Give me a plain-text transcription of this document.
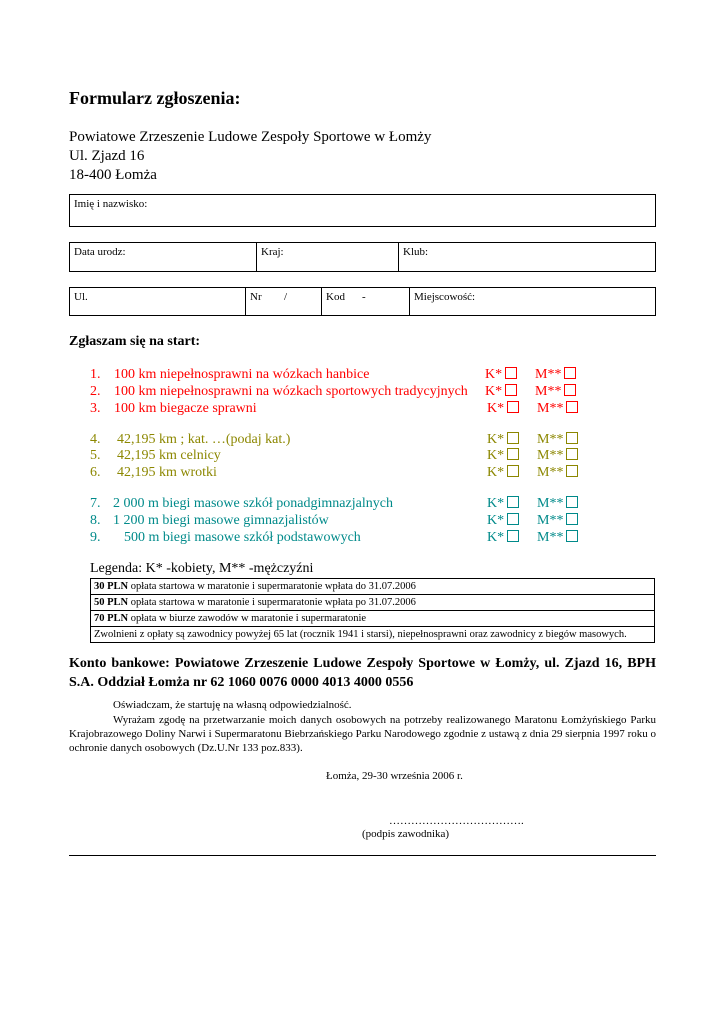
Formularz zgłoszenia:
Powiatowe Zrzeszenie Ludowe Zespoły Sportowe w Łomży
Ul. Zjazd 16
18-400 Łomża
Imię i nazwisko:
Data urodz:	Kraj:	Klub:
Ul.	Nr /	Kod -	Miejscowość:
Zgłaszam się na start:
1. 100 km niepełnosprawni na wózkach hanbice	K*	M**
2. 100 km niepełnosprawni na wózkach sportowych tradycyjnych K*	M**
3. 100 km biegacze sprawni	K*	M**
4. 42,195 km ; kat. …(podaj kat.)	K*	M**
5. 42,195 km celnicy	K*	M**
6. 42,195 km wrotki	K*	M**
7. 2 000 m biegi masowe szkół ponadgimnazjalnych	K*	M**
8. 1 200 m biegi masowe gimnazjalistów	K*	M**
9. 500 m biegi masowe szkół podstawowych	K*	M**
Legenda: K* -kobiety, M** -mężczyźni
30 PLN opłata startowa w maratonie i supermaratonie wpłata do 31.07.2006
50 PLN opłata startowa w maratonie i supermaratonie wpłata po 31.07.2006
70 PLN opłata w biurze zawodów w maratonie i supermaratonie
Zwolnieni z opłaty są zawodnicy powyżej 65 lat (rocznik 1941 i starsi), niepełnosprawni oraz zawodnicy z biegów masowych.
Konto bankowe: Powiatowe Zrzeszenie Ludowe Zespoły Sportowe w Łomży, ul. Zjazd 16, BPH S.A. Oddział Łomża nr 62 1060 0076 0000 4013 4000 0556
Oświadczam, że startuję na własną odpowiedzialność.
Wyrażam zgodę na przetwarzanie moich danych osobowych na potrzeby realizowanego Maratonu Łomżyńskiego Parku Krajobrazowego Doliny Narwi i Supermaratonu Biebrzańskiego Parku Narodowego zgodnie z ustawą z dnia 29 sierpnia 1997 roku o ochronie danych osobowych (Dz.U.Nr 133 poz.833).
Łomża, 29-30 września 2006 r.
……………………………….
(podpis zawodnika)
